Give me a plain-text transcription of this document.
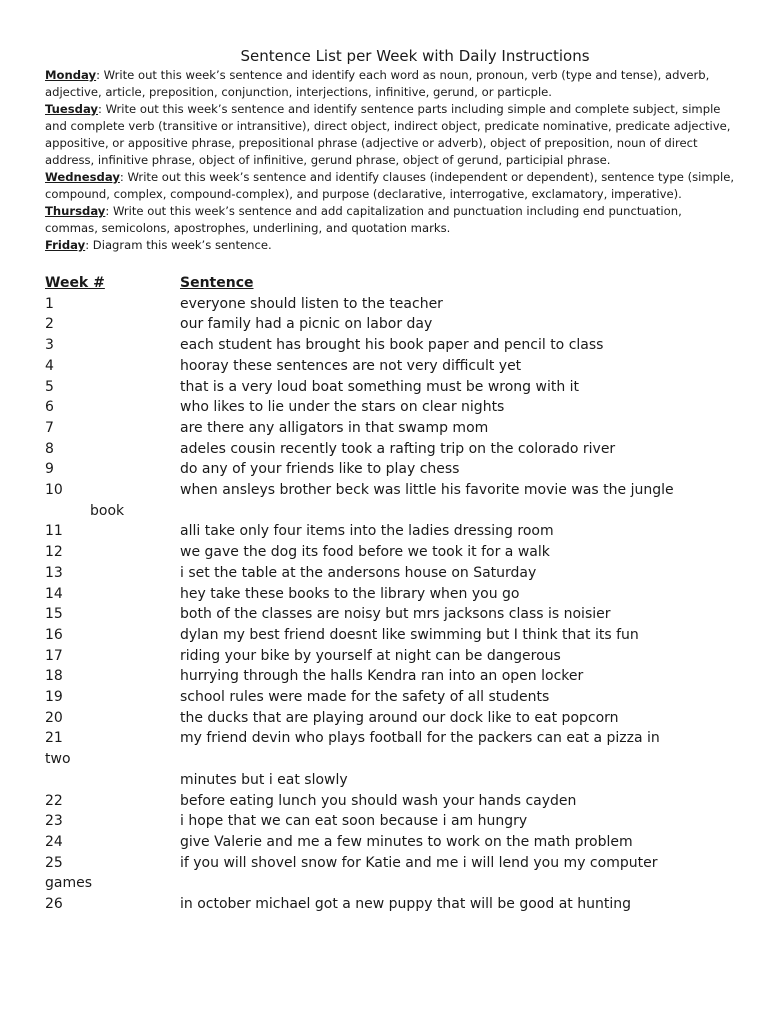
Sentence List per Week with Daily Instructions

Monday: Write out this week’s sentence and identify each word as noun, pronoun, verb (type and tense), adverb, adjective, article, preposition, conjunction, interjections, infinitive, gerund, or particple.

Tuesday: Write out this week’s sentence and identify sentence parts including simple and complete subject, simple and complete verb (transitive or intransitive), direct object, indirect object, predicate nominative, predicate adjective, appositive, or appositive phrase, prepositional phrase (adjective or adverb), object of preposition, noun of direct address, infinitive phrase, object of infinitive, gerund phrase, object of gerund, participial phrase.

Wednesday: Write out this week’s sentence and identify clauses (independent or dependent), sentence type (simple, compound, complex, compound-complex), and purpose (declarative, interrogative, exclamatory, imperative).

Thursday: Write out this week’s sentence and add capitalization and punctuation including end punctuation, commas, semicolons, apostrophes, underlining, and quotation marks.

Friday: Diagram this week’s sentence.

Week #	Sentence
1	everyone should listen to the teacher
2	our family had a picnic on labor day
3	each student has brought his book paper and pencil to class
4	hooray these sentences are not very difficult yet
5	that is a very loud boat something must be wrong with it
6	who likes to lie under the stars on clear nights
7	are there any alligators in that swamp mom
8	adeles cousin recently took a rafting trip on the colorado river
9	do any of your friends like to play chess
10	when ansleys brother beck was little his favorite movie was the jungle
book
11	alli take only four items into the ladies dressing room
12	we gave the dog its food before we took it for a walk
13	i set the table at the andersons house on Saturday
14	hey take these books to the library when you go
15	both of the classes are noisy but mrs jacksons class is noisier
16	dylan my best friend doesnt like swimming but I think that its fun
17	riding your bike by yourself at night can be dangerous
18	hurrying through the halls Kendra ran into an open locker
19	school rules were made for the safety of all students
20	the ducks that are playing around our dock like to eat popcorn
21	my friend devin who plays football for the packers can eat a pizza in
two
minutes but i eat slowly
22	before eating lunch you should wash your hands cayden
23	i hope that we can eat soon because i am hungry
24	give Valerie and me a few minutes to work on the math problem
25	if you will shovel snow for Katie and me i will lend you my computer
games
26	in october michael got a new puppy that will be good at hunting
